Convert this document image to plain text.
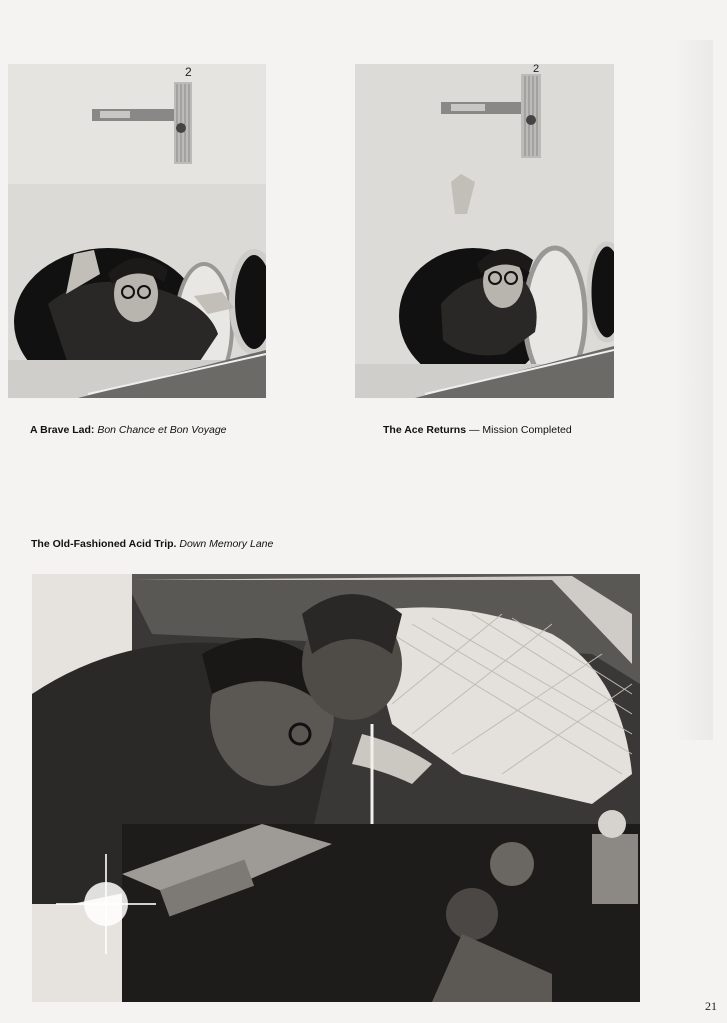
2	2
A Brave Lad: Bon Chance et Bon Voyage	The Ace Returns — Mission Completed
The Old-Fashioned Acid Trip. Down Memory Lane
21
